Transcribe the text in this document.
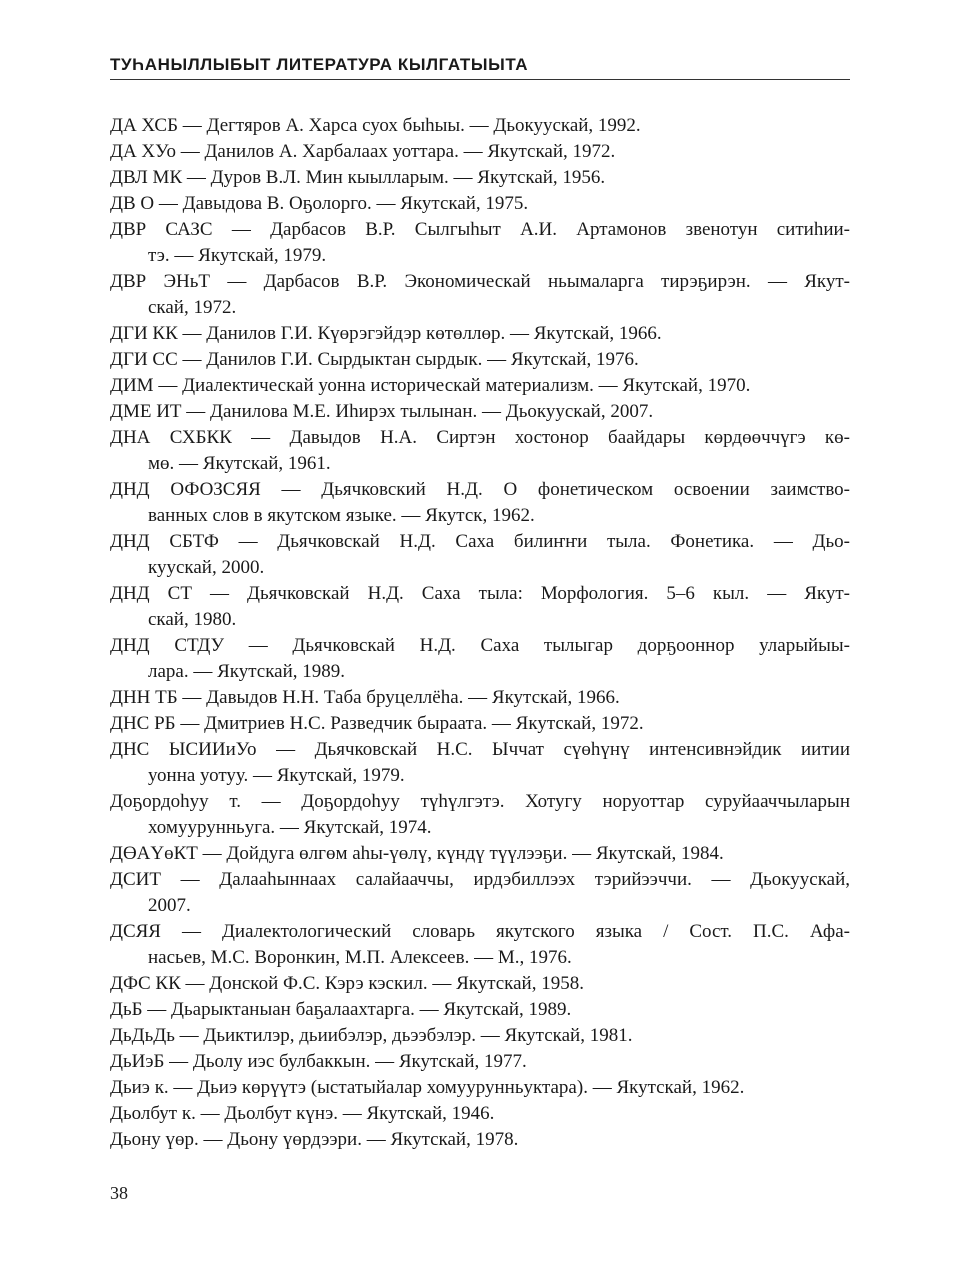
ТУҺАНЫЛЛЫБЫТ ЛИТЕРАТУРА КЫЛГАТЫЫТА
ДА ХСБ — Дегтяров А. Харса суох быһыы. — Дьокуускай, 1992.
ДА ХУо — Данилов А. Харбалаах уоттара. — Якутскай, 1972.
ДВЛ МК — Дуров В.Л. Мин кыылларым. — Якутскай, 1956.
ДВ О — Давыдова В. Оҕолорго. — Якутскай, 1975.
ДВР САЗС — Дарбасов В.Р. Сылгыһыт А.И. Артамонов звенотун ситиһии-
тэ. — Якутскай, 1979.
ДВР ЭНьТ — Дарбасов В.Р. Экономическай ньымаларга тирэҕирэн. — Якут-
скай, 1972.
ДГИ КК — Данилов Г.И. Күөрэгэйдэр көтөллөр. — Якутскай, 1966.
ДГИ СС — Данилов Г.И. Сырдыктан сырдык. — Якутскай, 1976.
ДИМ — Диалектическай уонна историческай материализм. — Якутскай, 1970.
ДМЕ ИТ — Данилова М.Е. Иһирэх тылынан. — Дьокуускай, 2007.
ДНА СХБКК — Давыдов Н.А. Сиртэн хостонор баайдары көрдөөччүгэ кө-
мө. — Якутскай, 1961.
ДНД ОФОЗСЯЯ — Дьячковский Н.Д. О фонетическом освоении заимство-
ванных слов в якутском языке. — Якутск, 1962.
ДНД СБТФ — Дьячковскай Н.Д. Саха билиҥҥи тыла. Фонетика. — Дьо-
куускай, 2000.
ДНД СТ — Дьячковскай Н.Д. Саха тыла: Морфология. 5–6 кыл. — Якут-
скай, 1980.
ДНД СТДУ — Дьячковскай Н.Д. Саха тылыгар дорҕооннор уларыйыы-
лара. — Якутскай, 1989.
ДНН ТБ — Давыдов Н.Н. Таба бруцеллёһа. — Якутскай, 1966.
ДНС РБ — Дмитриев Н.С. Разведчик быраата. — Якутскай, 1972.
ДНС ЫСИИиУо — Дьячковскай Н.С. Ыччат сүөһүнү интенсивнэйдик иитии
уонна уотуу. — Якутскай, 1979.
Доҕордоһуу т. — Доҕордоһуу түһүлгэтэ. Хотугу норуоттар суруйааччыларын
хомуурунньуга. — Якутскай, 1974.
ДӨАҮөКТ — Дойдуга өлгөм аһы-үөлү, күндү түүлээҕи. — Якутскай, 1984.
ДСИТ — Далааһыннаах салайааччы, ирдэбиллээх тэрийээччи. — Дьокуускай,
2007.
ДСЯЯ — Диалектологический словарь якутского языка / Сост. П.С. Афа-
насьев, М.С. Воронкин, М.П. Алексеев. — М., 1976.
ДФС КК — Донской Ф.С. Кэрэ кэскил. — Якутскай, 1958.
ДьБ — Дьарыктаныан баҕалаахтарга. — Якутскай, 1989.
ДьДьДь — Дьиктилэр, дьиибэлэр, дьээбэлэр. — Якутскай, 1981.
ДьИэБ — Дьолу иэс булбаккын. — Якутскай, 1977.
Дьиэ к. — Дьиэ көрүүтэ (ыстатыйалар хомуурунньуктара). — Якутскай, 1962.
Дьолбут к. — Дьолбут күнэ. — Якутскай, 1946.
Дьону үөр. — Дьону үөрдээри. — Якутскай, 1978.
38
